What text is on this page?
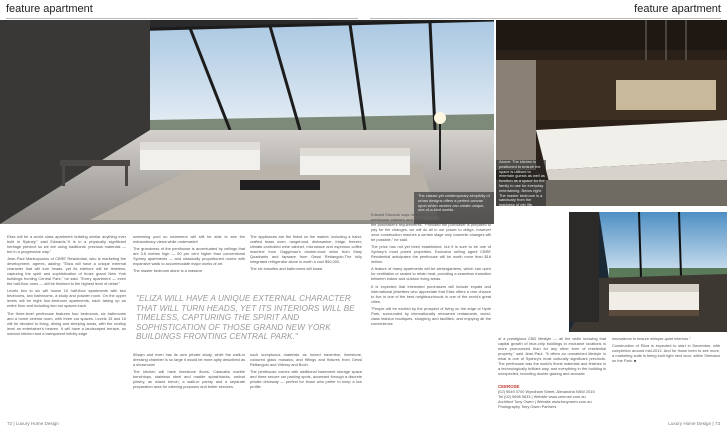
feature apartment	feature apartment
The classic yet contemporary simplicity of urban designs offers a perfect canvas upon which owners can create unique, one-of-a-kind worlds.
Above: The kitchen is positioned to ensure the space is utilised to entertain guests as well as function as a space for the family to use for everyday entertaining. Below right: The master bedroom is a sanctuary from the madness of city life.
"ELIZA WILL HAVE A UNIQUE EXTERNAL CHARACTER THAT WILL TURN HEADS, YET ITS INTERIORS WILL BE TIMELESS, CAPTURING THE SPIRIT AND SOPHISTICATION OF THOSE GRAND NEW YORK BUILDINGS FRONTING CENTRAL PARK."

Eliza will be a world class apartment building similar anything ever built in Sydney," said Edwards."It is in a physically significant heritage precinct so we are using traditional, precious materials — but in a progressive way."

Jean-Paul Mankopoulos of CBRE Residential, who is marketing the development, agrees, adding: "Eliza will have a unique external character that will turn heads, yet its interiors will be timeless, capturing the spirit and sophistication of those grand New York buildings fronting Central Park," he said. "Every apartment — even the half-floor ones — will be finished to the highest level of detail."

Levels two to six will house 10 half-floor apartments with two bedrooms, two bathrooms, a study and powder room. On the upper levels will be eight four-bedroom apartments, each taking up an entire floor and including two car spaces each.

The three-level penthouse features four bedrooms, six bathrooms and a home cinema room, with three car spaces. Levels 15 and 16 will be devoted to living, dining and sleeping areas, with the rooftop level an entertainer's heaven. It will have a landscaped terrace, an outdoor kitchen and a transparent infinity-edge

swimming pool so swimmers will still be able to see the extraordinary views while underwater!

The grandness of the penthouse is accentuated by ceilings that are 3.6 metres high — 50 per cent higher than conventional Sydney apartments — and classically proportioned rooms with expansive walls to accommodate major works of art.

The master bedroom alone is a massive

60sqm and even has its own private study, while the walk-in dressing chamber is so large it would be more aptly described as a showroom!

The kitchen will have limestone floors, Calacatta marble benchtops, stainless steel and marble splashbacks, walnut joinery, an island bench, a walk-in pantry and a separate preparation area for catering purposes and butler services.

The appliances are the finest on the market, including a hand-crafted brass oven, rangehood, dishwasher, fridge, freezer, climate-controlled wine cabinet, microwave and espresso coffee machine from Gaggenau's double-bowl sinks from Mary Quadrants and tapware from Gessi Rettangolo.The fully integrated refrigerator alone is worth a cool $50,000.

The six ensuites and bathrooms will boast

such sumptuous materials as honed travertine, limestone, coloured glass mosaics, and fittings and fixtures from Gessi Rettangolo and Villeroy and Boch.

The penthouse comes with additional basement storage space and three secure car parking spots, accessed through a discrete private driveway — perfect for those who prefer to keep a low profile.

Edward Eduardo says he would be prepared to make changes to the penthouse interiors and finishes — and even the layout — to meet the purchaser's requirements. "Provided the purchaser is prepared to pay for the changes, we will do all in our power to oblige, however once construction reaches a certain stage only cosmetic changes will be possible," he said.

The price has not yet been established, but it is sure to be one of Sydney's most prized properties. Exclusive selling agent CBRE Residential anticipates the penthouse will be worth more than $16 million.

A feature of many apartments will be wintergardens, which can open for ventilation or sealed to retain heat, providing a seamless transition between indoor and outdoor living areas.

It is expected that interested purchasers will include expats and international jetsetters who appreciate that Eliza offers a rare chance to live in one of the best neighbourhoods in one of the world's great cities.

"People will be excited by the prospect of living on the edge of Hyde Park, surrounded by internationally renowned restaurants, world-class fashion boutiques, shopping and facilities, and enjoying all the convenience

of a prestigious CBD lifestyle — all the while knowing that capital growth of blue-chip buildings in exclusive locations is more pronounced than for any other form of residential property," said Jean-Paul. "It offers an unmatched lifestyle in what is one of Sydney's most culturally significant precincts. The penthouse was the world's finest materials and finishes in a technologically brilliant way, and everything in the building is unexpected, including double glazing and acoustic

innovations to ensure whisper-quiet interiors."

Construction of Eliza is expected to start in December, with completion around mid-2012. And for those keen to see more, a marketing suite is being built right next door, within Sheraton on the Park. ■

CEEROSE
(02) 9549 0700 Wyndham Street, Alexandria NSW 2015
Tel (02) 9698 5633 | Website www.ceerose.com.au
Architect Tony Owen | Website www.tonyowen.com.au
Photography Tony Owen Partners
72 | Luxury Home Design	Luxury Home Design | 73
